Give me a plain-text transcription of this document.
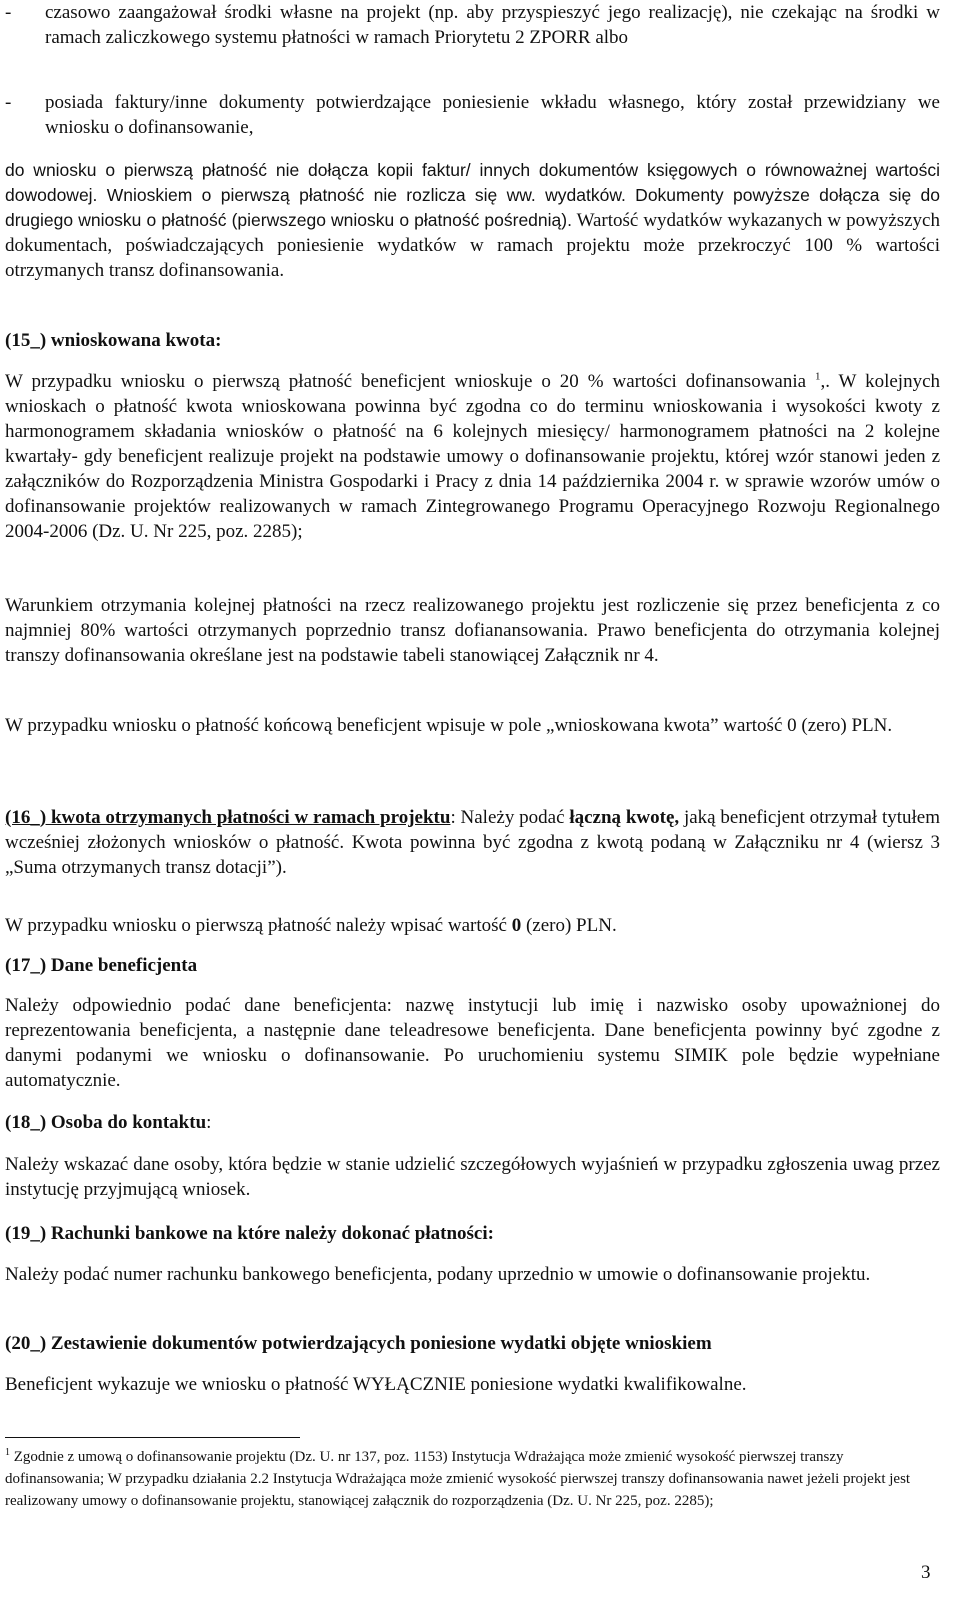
-	czasowo zaangażował środki własne na projekt (np. aby przyspieszyć jego realizację), nie czekając na środki w ramach zaliczkowego systemu płatności w ramach Priorytetu 2 ZPORR albo

-	posiada faktury/inne dokumenty potwierdzające poniesienie wkładu własnego, który został przewidziany we wniosku o dofinansowanie,

do wniosku o pierwszą płatność nie dołącza kopii faktur/ innych dokumentów księgowych o równoważnej wartości dowodowej. Wnioskiem o pierwszą płatność nie rozlicza się ww. wydatków. Dokumenty powyższe dołącza się do drugiego wniosku o płatność (pierwszego wniosku o płatność pośrednią). Wartość wydatków wykazanych w powyższych dokumentach, poświadczających poniesienie wydatków w ramach projektu może przekroczyć 100 % wartości otrzymanych transz dofinansowania.

(15_) wnioskowana kwota:

W przypadku wniosku o pierwszą płatność beneficjent wnioskuje o 20 % wartości dofinansowania $^1$,. W kolejnych wnioskach o płatność kwota wnioskowana powinna być zgodna co do terminu wnioskowania i wysokości kwoty z harmonogramem składania wniosków o płatność na 6 kolejnych miesięcy/ harmonogramem płatności na 2 kolejne kwartały- gdy beneficjent realizuje projekt na podstawie umowy o dofinansowanie projektu, której wzór stanowi jeden z załączników do Rozporządzenia Ministra Gospodarki i Pracy z dnia 14 października 2004 r. w sprawie wzorów umów o dofinansowanie projektów realizowanych w ramach Zintegrowanego Programu Operacyjnego Rozwoju Regionalnego 2004-2006 (Dz. U. Nr 225, poz. 2285);

Warunkiem otrzymania kolejnej płatności na rzecz realizowanego projektu jest rozliczenie się przez beneficjenta z co najmniej 80% wartości otrzymanych poprzednio transz dofianansowania. Prawo beneficjenta do otrzymania kolejnej transzy dofinansowania określane jest na podstawie tabeli stanowiącej Załącznik nr 4.

W przypadku wniosku o płatność końcową beneficjent wpisuje w pole „wnioskowana kwota” wartość 0 (zero) PLN.

(16_) kwota otrzymanych płatności w ramach projektu: Należy podać łączną kwotę, jaką beneficjent otrzymał tytułem wcześniej złożonych wniosków o płatność. Kwota powinna być zgodna z kwotą podaną w Załączniku nr 4 (wiersz 3 „Suma otrzymanych transz dotacji”).

W przypadku wniosku o pierwszą płatność należy wpisać wartość 0 (zero) PLN.

(17_) Dane beneficjenta

Należy odpowiednio podać dane beneficjenta: nazwę instytucji lub imię i nazwisko osoby upoważnionej do reprezentowania beneficjenta, a następnie dane teleadresowe beneficjenta. Dane beneficjenta powinny być zgodne z danymi podanymi we wniosku o dofinansowanie. Po uruchomieniu systemu SIMIK pole będzie wypełniane automatycznie.

(18_) Osoba do kontaktu:

Należy wskazać dane osoby, która będzie w stanie udzielić szczegółowych wyjaśnień w przypadku zgłoszenia uwag przez instytucję przyjmującą wniosek.

(19_) Rachunki bankowe na które należy dokonać płatności:

Należy podać numer rachunku bankowego beneficjenta, podany uprzednio w umowie o dofinansowanie projektu.

(20_) Zestawienie dokumentów potwierdzających poniesione wydatki objęte wnioskiem

Beneficjent wykazuje we wniosku o płatność WYŁĄCZNIE poniesione wydatki kwalifikowalne.

$^1$ Zgodnie z umową o dofinansowanie projektu (Dz. U. nr 137, poz. 1153) Instytucja Wdrażająca może zmienić wysokość pierwszej transzy dofinansowania; W przypadku działania 2.2 Instytucja Wdrażająca może zmienić wysokość pierwszej transzy dofinansowania nawet jeżeli projekt jest realizowany umowy o dofinansowanie projektu, stanowiącej załącznik do rozporządzenia (Dz. U. Nr 225, poz. 2285);

3
